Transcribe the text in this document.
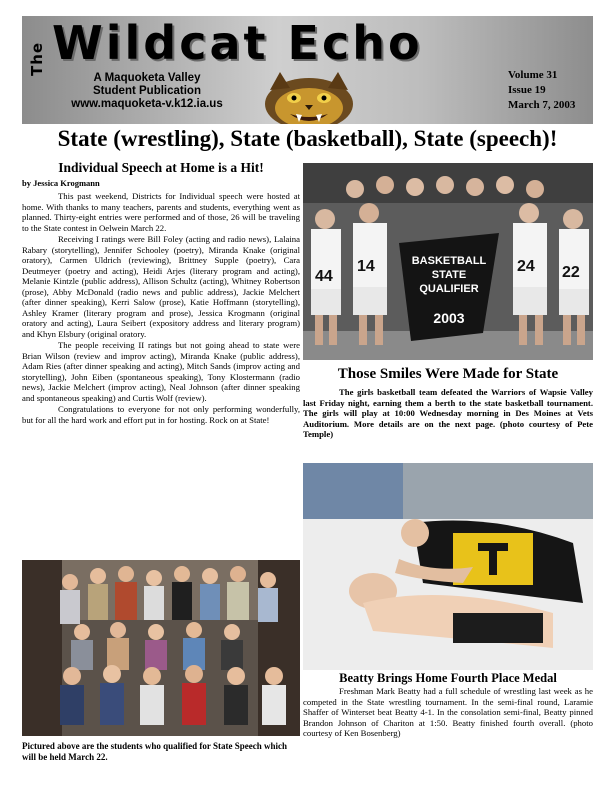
The Wildcat Echo
A Maquoketa Valley
Student Publication
www.maquoketa-v.k12.ia.us
Volume 31
Issue 19
March 7, 2003
State (wrestling), State (basketball), State (speech)!
Individual Speech at Home is a Hit!
by Jessica Krogmann

This past weekend, Districts for Individual speech were hosted at home. With thanks to many teachers, parents and students, everything went as planned. Thirty-eight entries were performed and of those, 26 will be traveling to the State contest in Oelwein March 22.

Receiving I ratings were Bill Foley (acting and radio news), Lalaina Rabary (storytelling), Jennifer Schooley (poetry), Miranda Knake (original oratory), Carmen Uldrich (reviewing), Brittney Supple (poetry), Cara Deutmeyer (poetry and acting), Heidi Arjes (literary program and acting), Melanie Kintzle (public address), Allison Schultz (acting), Whitney Robertson (prose), Abby McDonald (radio news and public address), Jackie Melchert (after dinner speaking), Kerri Salow (prose), Katie Hoffmann (storytelling), Ashley Kramer (literary program and prose), Jessica Krogmann (original oratory and acting), Laura Seibert (expository address and literary program) and Khyn Elsbury (original oratory.

The people receiving II ratings but not going ahead to state were Brian Wilson (review and improv acting), Miranda Knake (public address), Adam Ries (after dinner speaking and acting), Mitch Sands (improv acting and storytelling), John Eiben (spontaneous speaking), Tony Klostermann (radio news), Jackie Melchert (improv acting), Neal Johnson (after dinner speaking and spontaneous speaking) and Curtis Wolf (review).

Congratulations to everyone for not only performing wonderfully, but for all the hard work and effort put in for hosting. Rock on at State!

Pictured above are the students who qualified for State Speech which will be held March 22.
44
14	24 22
BASKETBALL
STATE
QUALIFIER
2003
Those Smiles Were Made for State
The girls basketball team defeated the Warriors of Wapsie Valley last Friday night, earning them a berth to the state basketball tournament. The girls will play at 10:00 Wednesday morning in Des Moines at Vets Auditorium. More details are on the next page. (photo courtesy of Pete Temple)
Beatty Brings Home Fourth Place Medal
Freshman Mark Beatty had a full schedule of wrestling last week as he competed in the State wrestling tournament. In the semi-final round, Laramie Shaffer of Winterset beat Beatty 4-1. In the consolation semi-final, Beatty pinned Brandon Johnson of Chariton at 1:50. Beatty finished fourth overall. (photo courtesy of Ken Bosenberg)
